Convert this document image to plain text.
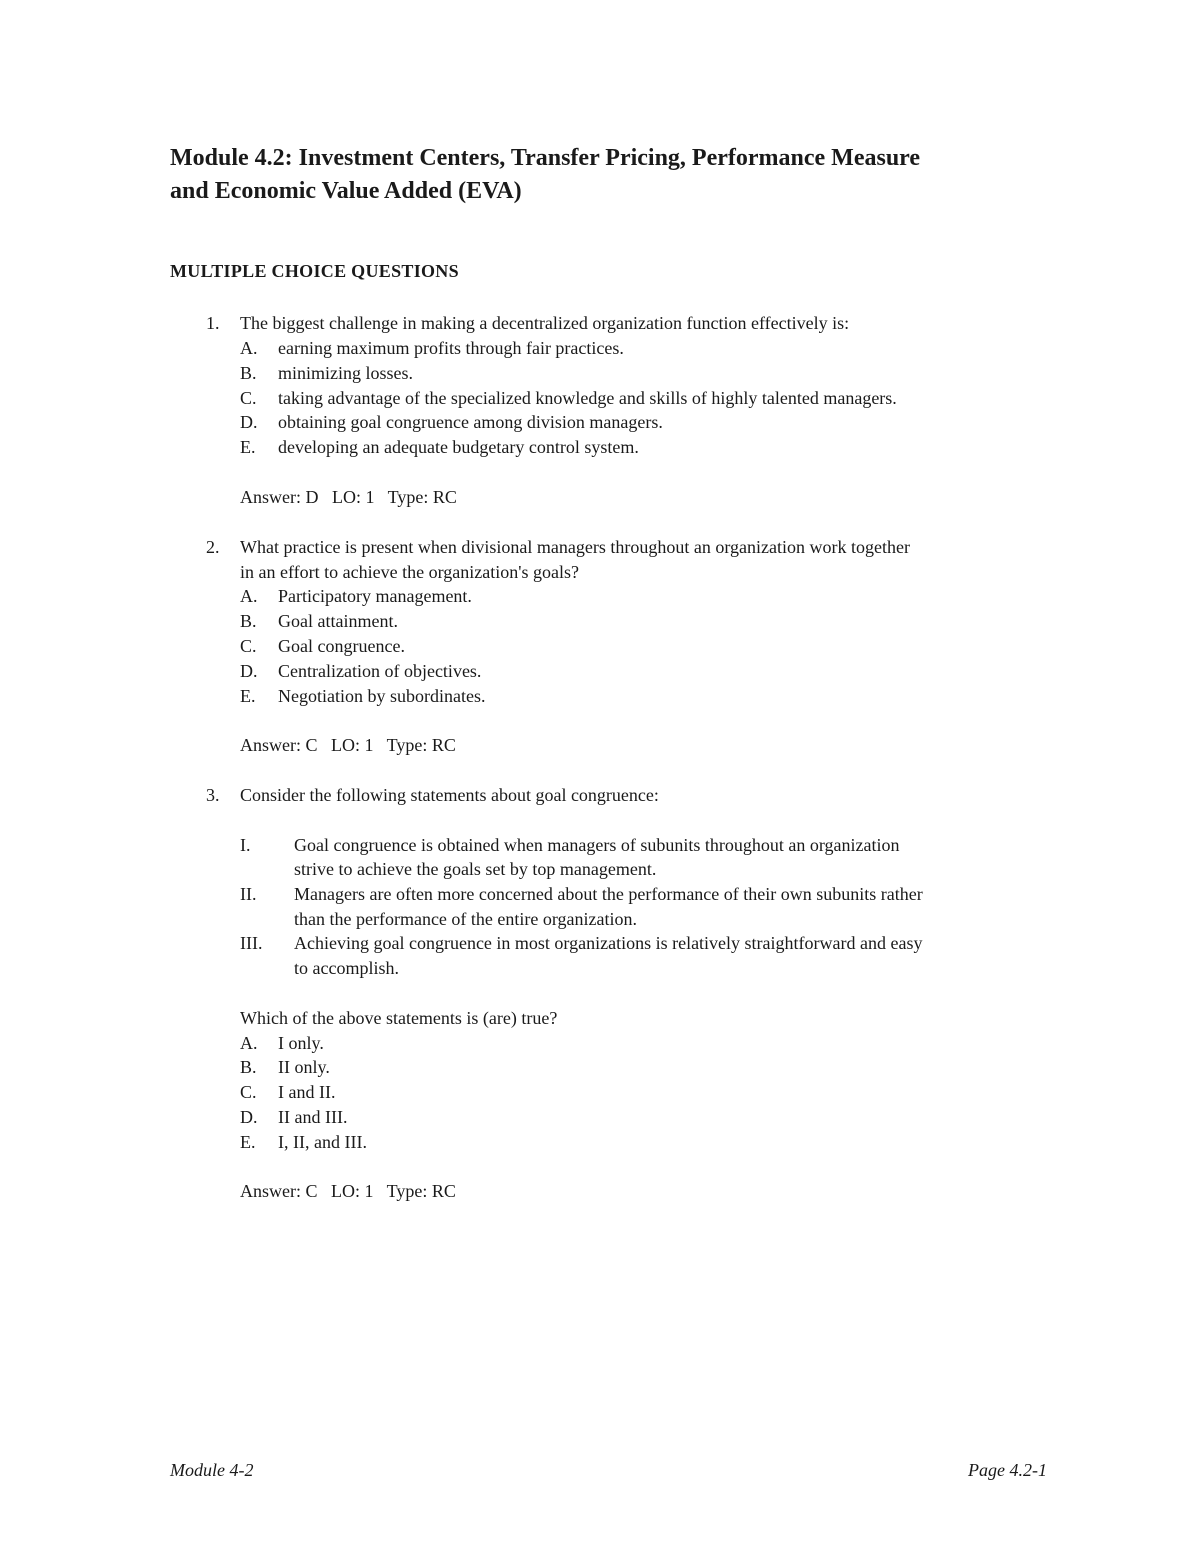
Module 4.2: Investment Centers, Transfer Pricing, Performance Measure
and Economic Value Added (EVA)
MULTIPLE CHOICE QUESTIONS
1. The biggest challenge in making a decentralized organization function effectively is:
A. earning maximum profits through fair practices.
B. minimizing losses.
C. taking advantage of the specialized knowledge and skills of highly talented managers.
D. obtaining goal congruence among division managers.
E. developing an adequate budgetary control system.
Answer: D   LO: 1   Type: RC
2. What practice is present when divisional managers throughout an organization work together
in an effort to achieve the organization's goals?
A. Participatory management.
B. Goal attainment.
C. Goal congruence.
D. Centralization of objectives.
E. Negotiation by subordinates.
Answer: C   LO: 1   Type: RC
3. Consider the following statements about goal congruence:
I. Goal congruence is obtained when managers of subunits throughout an organization
strive to achieve the goals set by top management.
II. Managers are often more concerned about the performance of their own subunits rather
than the performance of the entire organization.
III. Achieving goal congruence in most organizations is relatively straightforward and easy
to accomplish.
Which of the above statements is (are) true?
A. I only.
B. II only.
C. I and II.
D. II and III.
E. I, II, and III.
Answer: C   LO: 1   Type: RC
Module 4-2	Page 4.2-1
